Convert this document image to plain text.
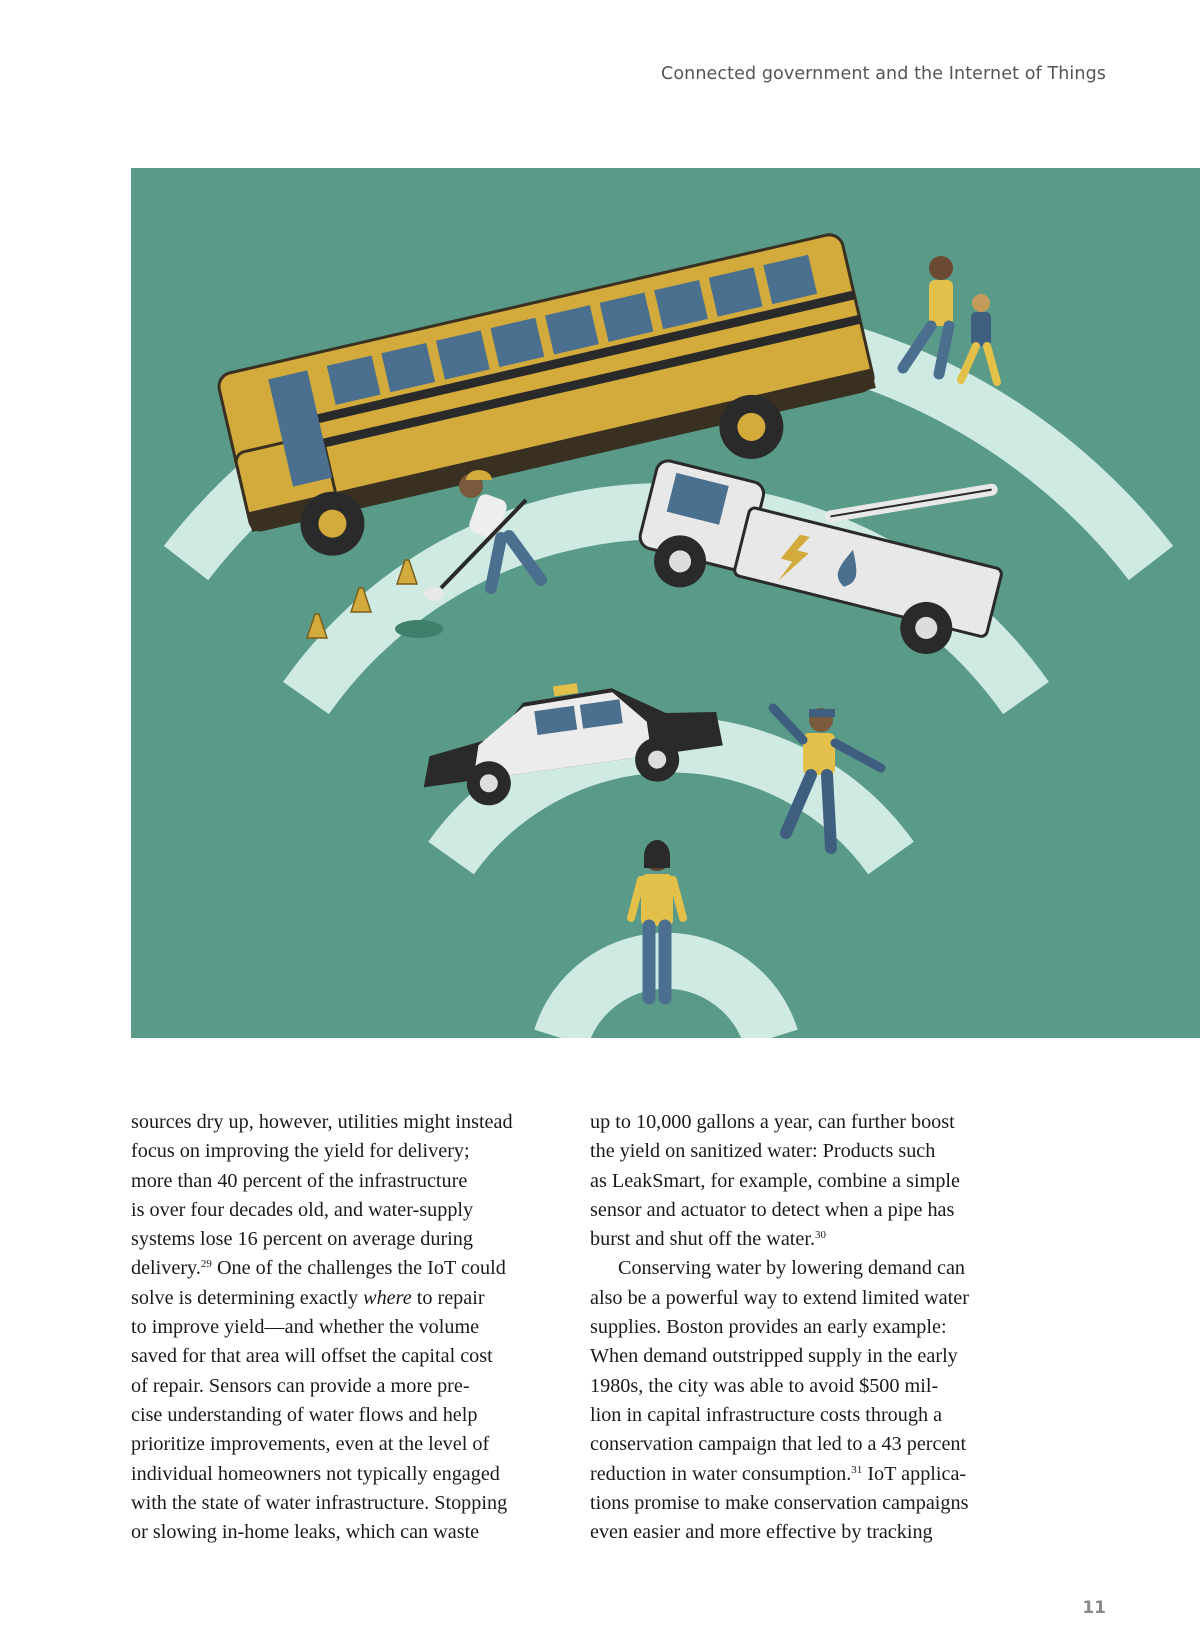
Connected government and the Internet of Things

sources dry up, however, utilities might instead
focus on improving the yield for delivery;
more than 40 percent of the infrastructure
is over four decades old, and water-supply
systems lose 16 percent on average during
delivery.$^{29}$ One of the challenges the IoT could
solve is determining exactly where to repair
to improve yield—and whether the volume
saved for that area will offset the capital cost
of repair. Sensors can provide a more pre-
cise understanding of water flows and help
prioritize improvements, even at the level of
individual homeowners not typically engaged
with the state of water infrastructure. Stopping
or slowing in-home leaks, which can waste

up to 10,000 gallons a year, can further boost
the yield on sanitized water: Products such
as LeakSmart, for example, combine a simple
sensor and actuator to detect when a pipe has
burst and shut off the water.$^{30}$

Conserving water by lowering demand can

also be a powerful way to extend limited water
supplies. Boston provides an early example:
When demand outstripped supply in the early
1980s, the city was able to avoid $500 mil-
lion in capital infrastructure costs through a
conservation campaign that led to a 43 percent
reduction in water consumption.$^{31}$ IoT applica-
tions promise to make conservation campaigns
even easier and more effective by tracking

11
